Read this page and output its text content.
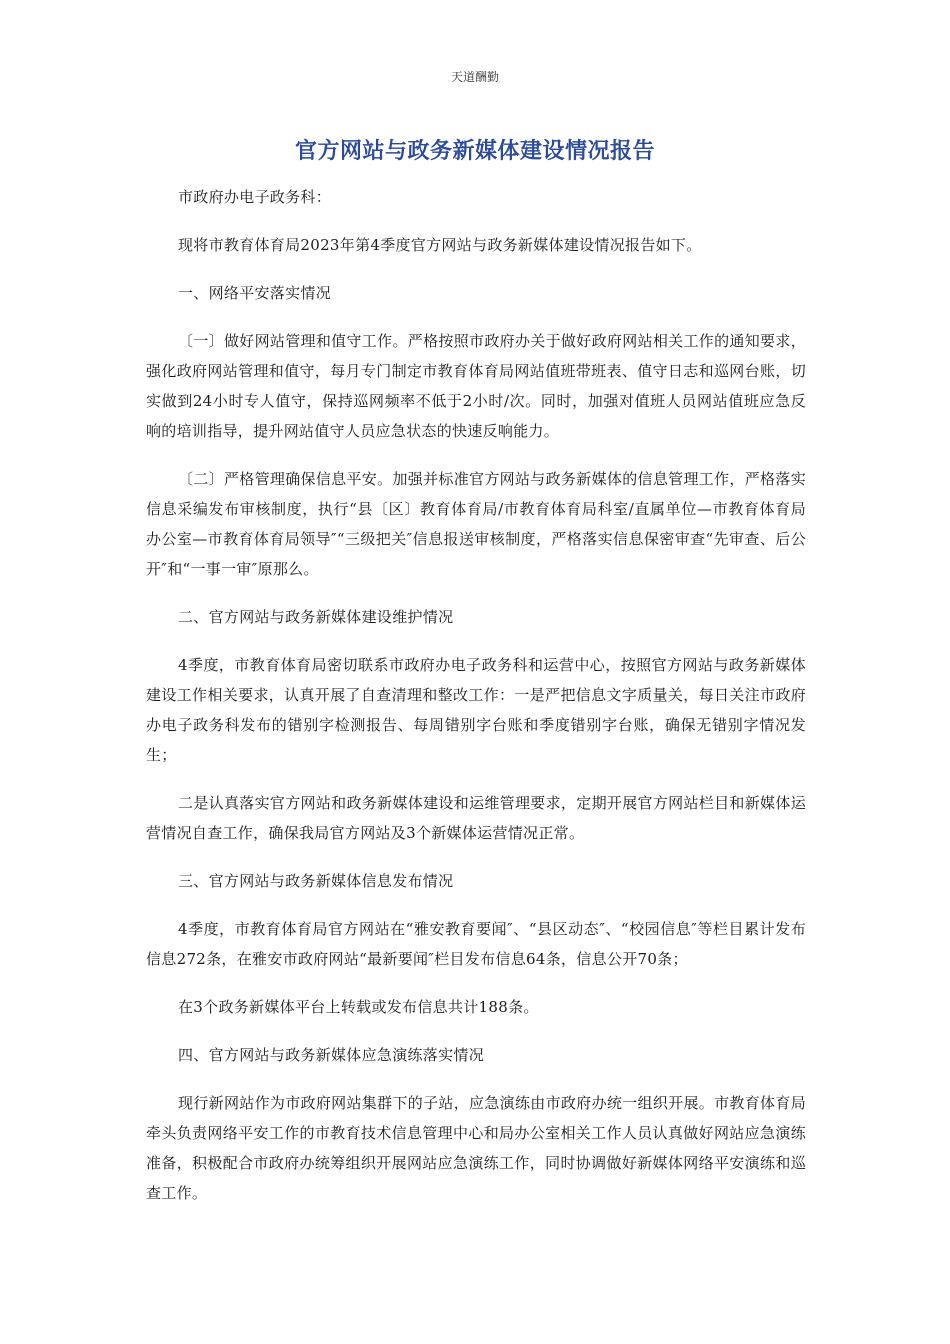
天道酬勤
官方网站与政务新媒体建设情况报告

市政府办电子政务科：

现将市教育体育局2023年第4季度官方网站与政务新媒体建设情况报告如下。

一、网络平安落实情况

〔一〕做好网站管理和值守工作。严格按照市政府办关于做好政府网站相关工作的通知要求，强化政府网站管理和值守，每月专门制定市教育体育局网站值班带班表、值守日志和巡网台账，切实做到24小时专人值守，保持巡网频率不低于2小时/次。同时，加强对值班人员网站值班应急反响的培训指导，提升网站值守人员应急状态的快速反响能力。

〔二〕严格管理确保信息平安。加强并标准官方网站与政务新媒体的信息管理工作，严格落实信息采编发布审核制度，执行“县〔区〕教育体育局/市教育体育局科室/直属单位—市教育体育局办公室—市教育体育局领导″“三级把关″信息报送审核制度，严格落实信息保密审查“先审查、后公开″和“一事一审″原那么。

二、官方网站与政务新媒体建设维护情况

4季度，市教育体育局密切联系市政府办电子政务科和运营中心，按照官方网站与政务新媒体建设工作相关要求，认真开展了自查清理和整改工作：一是严把信息文字质量关，每日关注市政府办电子政务科发布的错别字检测报告、每周错别字台账和季度错别字台账，确保无错别字情况发生；

二是认真落实官方网站和政务新媒体建设和运维管理要求，定期开展官方网站栏目和新媒体运营情况自查工作，确保我局官方网站及3个新媒体运营情况正常。

三、官方网站与政务新媒体信息发布情况

4季度，市教育体育局官方网站在“雅安教育要闻″、“县区动态″、“校园信息″等栏目累计发布信息272条，在雅安市政府网站“最新要闻″栏目发布信息64条，信息公开70条；

在3个政务新媒体平台上转载或发布信息共计188条。

四、官方网站与政务新媒体应急演练落实情况

现行新网站作为市政府网站集群下的子站，应急演练由市政府办统一组织开展。市教育体育局牵头负责网络平安工作的市教育技术信息管理中心和局办公室相关工作人员认真做好网站应急演练准备，积极配合市政府办统筹组织开展网站应急演练工作，同时协调做好新媒体网络平安演练和巡查工作。
